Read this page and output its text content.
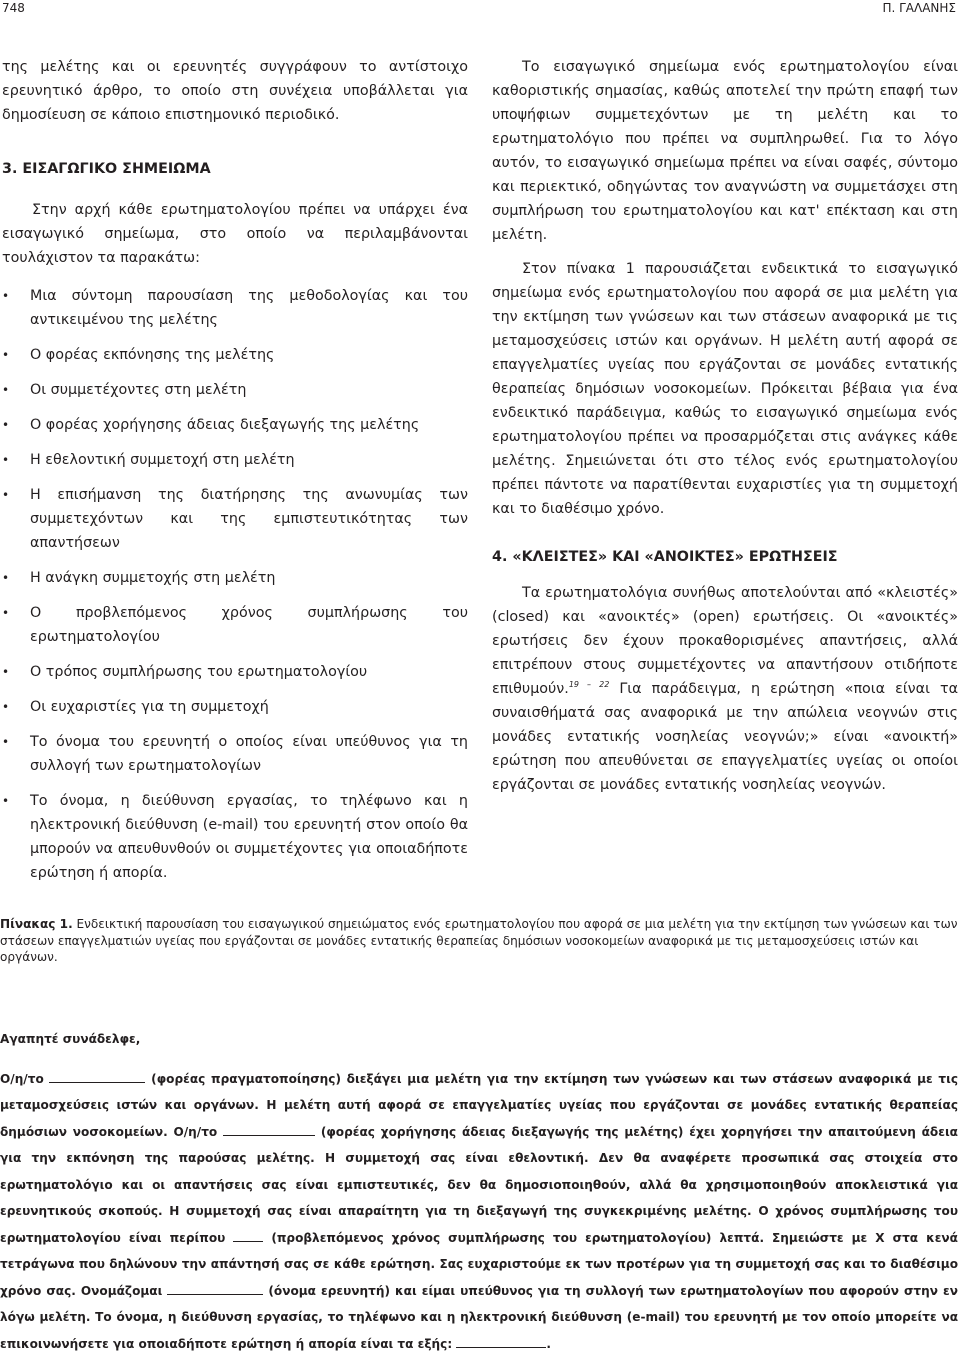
748	Π. ΓΑΛΑΝΗΣ

της μελέτης και οι ερευνητές συγγράφουν το αντίστοιχο ερευνητικό άρθρο, το οποίο στη συνέχεια υποβάλλεται για δημοσίευση σε κάποιο επιστημονικό περιοδικό.

3. ΕΙΣΑΓΩΓΙΚΟ ΣΗΜΕΙΩΜΑ

Στην αρχή κάθε ερωτηματολογίου πρέπει να υπάρχει ένα εισαγωγικό σημείωμα, στο οποίο να περιλαμβάνονται τουλάχιστον τα παρακάτω:

• Μια σύντομη παρουσίαση της μεθοδολογίας και του αντικειμένου της μελέτης
• Ο φορέας εκπόνησης της μελέτης
• Οι συμμετέχοντες στη μελέτη
• Ο φορέας χορήγησης άδειας διεξαγωγής της μελέτης
• Η εθελοντική συμμετοχή στη μελέτη
• Η επισήμανση της διατήρησης της ανωνυμίας των συμμετεχόντων και της εμπιστευτικότητας των απαντήσεων
• Η ανάγκη συμμετοχής στη μελέτη
• Ο προβλεπόμενος χρόνος συμπλήρωσης του ερωτηματολογίου
• Ο τρόπος συμπλήρωσης του ερωτηματολογίου
• Οι ευχαριστίες για τη συμμετοχή
• Το όνομα του ερευνητή ο οποίος είναι υπεύθυνος για τη συλλογή των ερωτηματολογίων
• Το όνομα, η διεύθυνση εργασίας, το τηλέφωνο και η ηλεκτρονική διεύθυνση (e-mail) του ερευνητή στον οποίο θα μπορούν να απευθυνθούν οι συμμετέχοντες για οποιαδήποτε ερώτηση ή απορία.

Το εισαγωγικό σημείωμα ενός ερωτηματολογίου είναι καθοριστικής σημασίας, καθώς αποτελεί την πρώτη επαφή των υποψήφιων συμμετεχόντων με τη μελέτη και το ερωτηματολόγιο που πρέπει να συμπληρωθεί. Για το λόγο αυτόν, το εισαγωγικό σημείωμα πρέπει να είναι σαφές, σύντομο και περιεκτικό, οδηγώντας τον αναγνώστη να συμμετάσχει στη συμπλήρωση του ερωτηματολογίου και κατ' επέκταση και στη μελέτη.

Στον πίνακα 1 παρουσιάζεται ενδεικτικά το εισαγωγικό σημείωμα ενός ερωτηματολογίου που αφορά σε μια μελέτη για την εκτίμηση των γνώσεων και των στάσεων αναφορικά με τις μεταμοσχεύσεις ιστών και οργάνων. Η μελέτη αυτή αφορά σε επαγγελματίες υγείας που εργάζονται σε μονάδες εντατικής θεραπείας δημόσιων νοσοκομείων. Πρόκειται βέβαια για ένα ενδεικτικό παράδειγμα, καθώς το εισαγωγικό σημείωμα ενός ερωτηματολογίου πρέπει να προσαρμόζεται στις ανάγκες κάθε μελέτης. Σημειώνεται ότι στο τέλος ενός ερωτηματολογίου πρέπει πάντοτε να παρατίθενται ευχαριστίες για τη συμμετοχή και το διαθέσιμο χρόνο.

4. «ΚΛΕΙΣΤΕΣ» ΚΑΙ «ΑΝΟΙΚΤΕΣ» ΕΡΩΤΗΣΕΙΣ

Τα ερωτηματολόγια συνήθως αποτελούνται από «κλειστές» (closed) και «ανοικτές» (open) ερωτήσεις. Οι «ανοικτές» ερωτήσεις δεν έχουν προκαθορισμένες απαντήσεις, αλλά επιτρέπουν στους συμμετέχοντες να απαντήσουν οτιδήποτε επιθυμούν.$^{19 - 22}$ Για παράδειγμα, η ερώτηση «ποια είναι τα συναισθήματά σας αναφορικά με την απώλεια νεογνών στις μονάδες εντατικής νοσηλείας νεογνών;» είναι «ανοικτή» ερώτηση που απευθύνεται σε επαγγελματίες υγείας οι οποίοι εργάζονται σε μονάδες εντατικής νοσηλείας νεογνών.

Πίνακας 1. Ενδεικτική παρουσίαση του εισαγωγικού σημειώματος ενός ερωτηματολογίου που αφορά σε μια μελέτη για την εκτίμηση των γνώσεων και των στάσεων επαγγελματιών υγείας που εργάζονται σε μονάδες εντατικής θεραπείας δημόσιων νοσοκομείων αναφορικά με τις μεταμοσχεύσεις ιστών και οργάνων.

Αγαπητέ συνάδελφε,

Ο/η/το	(φορέας πραγματοποίησης) διεξάγει μια μελέτη για την εκτίμηση των γνώσεων και των στάσεων αναφορικά με τις μεταμοσχεύσεις ιστών και οργάνων. Η μελέτη αυτή αφορά σε επαγγελματίες υγείας που εργάζονται σε μονάδες εντατικής θεραπείας δημόσιων νοσοκομείων. Ο/η/το	(φορέας χορήγησης άδειας διεξαγωγής της μελέτης) έχει χορηγήσει την απαιτούμενη άδεια για την εκπόνηση της παρούσας μελέτης. Η συμμετοχή σας είναι εθελοντική. Δεν θα αναφέρετε προσωπικά σας στοιχεία στο ερωτηματολόγιο και οι απαντήσεις σας είναι εμπιστευτικές, δεν θα δημοσιοποιηθούν, αλλά θα χρησιμοποιηθούν αποκλειστικά για ερευνητικούς σκοπούς. Η συμμετοχή σας είναι απαραίτητη για τη διεξαγωγή της συγκεκριμένης μελέτης. Ο χρόνος συμπλήρωσης του ερωτηματολογίου είναι περίπου  (προβλεπόμενος χρόνος συμπλήρωσης του ερωτηματολογίου) λεπτά. Σημειώστε με Χ στα κενά τετράγωνα που δηλώνουν την απάντησή σας σε κάθε ερώτηση. Σας ευχαριστούμε εκ των προτέρων για τη συμμετοχή σας και το διαθέσιμο χρόνο σας. Ονομάζομαι	(όνομα ερευνητή) και είμαι υπεύθυνος για τη συλλογή των ερωτηματολογίων που αφορούν στην εν λόγω μελέτη. Το όνομα, η διεύθυνση εργασίας, το τηλέφωνο και η ηλεκτρονική διεύθυνση (e-mail) του ερευνητή με τον οποίο μπορείτε να επικοινωνήσετε για οποιαδήποτε ερώτηση ή απορία είναι τα εξής:	.
